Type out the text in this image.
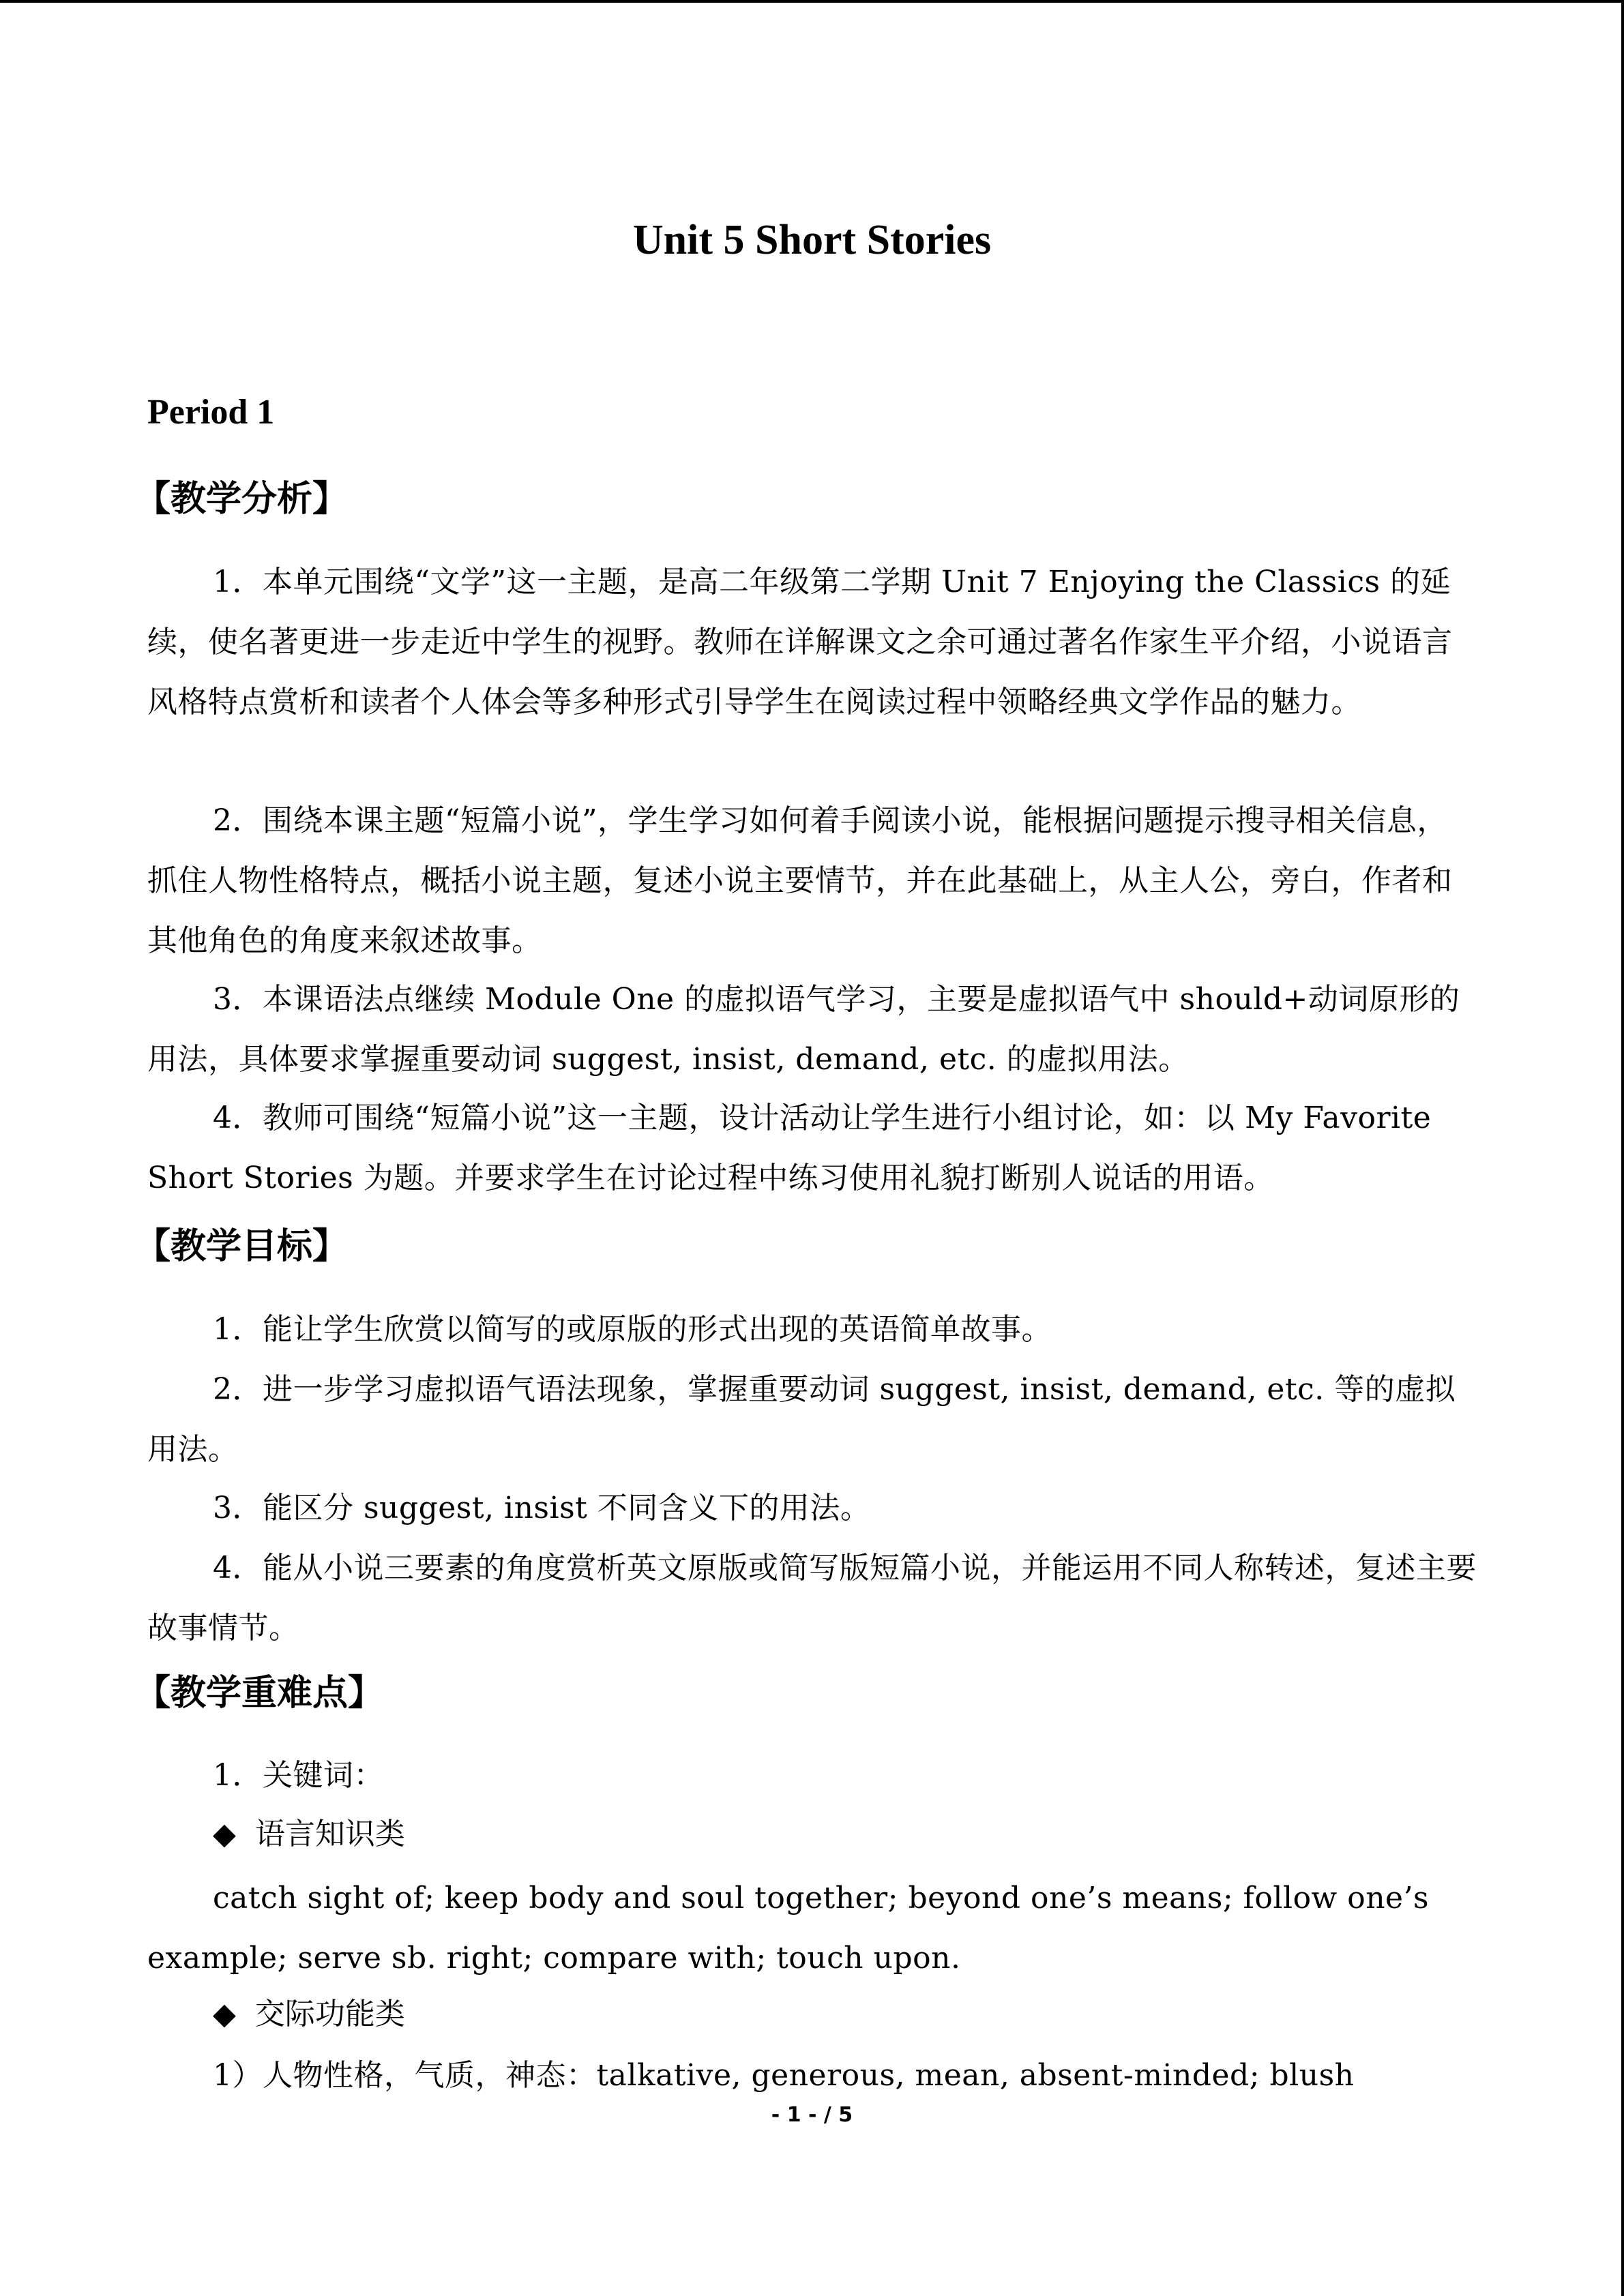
Unit 5 Short Stories
Period 1
【教学分析】
1．本单元围绕“文学”这一主题，是高二年级第二学期 Unit 7 Enjoying the Classics 的延续，使名著更进一步走近中学生的视野。教师在详解课文之余可通过著名作家生平介绍，小说语言风格特点赏析和读者个人体会等多种形式引导学生在阅读过程中领略经典文学作品的魅力。
2．围绕本课主题“短篇小说”，学生学习如何着手阅读小说，能根据问题提示搜寻相关信息，抓住人物性格特点，概括小说主题，复述小说主要情节，并在此基础上，从主人公，旁白，作者和其他角色的角度来叙述故事。
3．本课语法点继续 Module One 的虚拟语气学习，主要是虚拟语气中 should+动词原形的用法，具体要求掌握重要动词 suggest, insist, demand, etc. 的虚拟用法。
4．教师可围绕“短篇小说”这一主题，设计活动让学生进行小组讨论，如：以 My Favorite Short Stories 为题。并要求学生在讨论过程中练习使用礼貌打断别人说话的用语。
【教学目标】
1．能让学生欣赏以简写的或原版的形式出现的英语简单故事。
2．进一步学习虚拟语气语法现象，掌握重要动词 suggest, insist, demand, etc. 等的虚拟用法。
3．能区分 suggest, insist 不同含义下的用法。
4．能从小说三要素的角度赏析英文原版或简写版短篇小说，并能运用不同人称转述，复述主要故事情节。
【教学重难点】
1．关键词：
◆ 语言知识类
catch sight of; keep body and soul together; beyond one’s means; follow one’s example; serve sb. right; compare with; touch upon.
◆ 交际功能类
1）人物性格，气质，神态：talkative, generous, mean, absent-minded; blush
- 1 - / 5
